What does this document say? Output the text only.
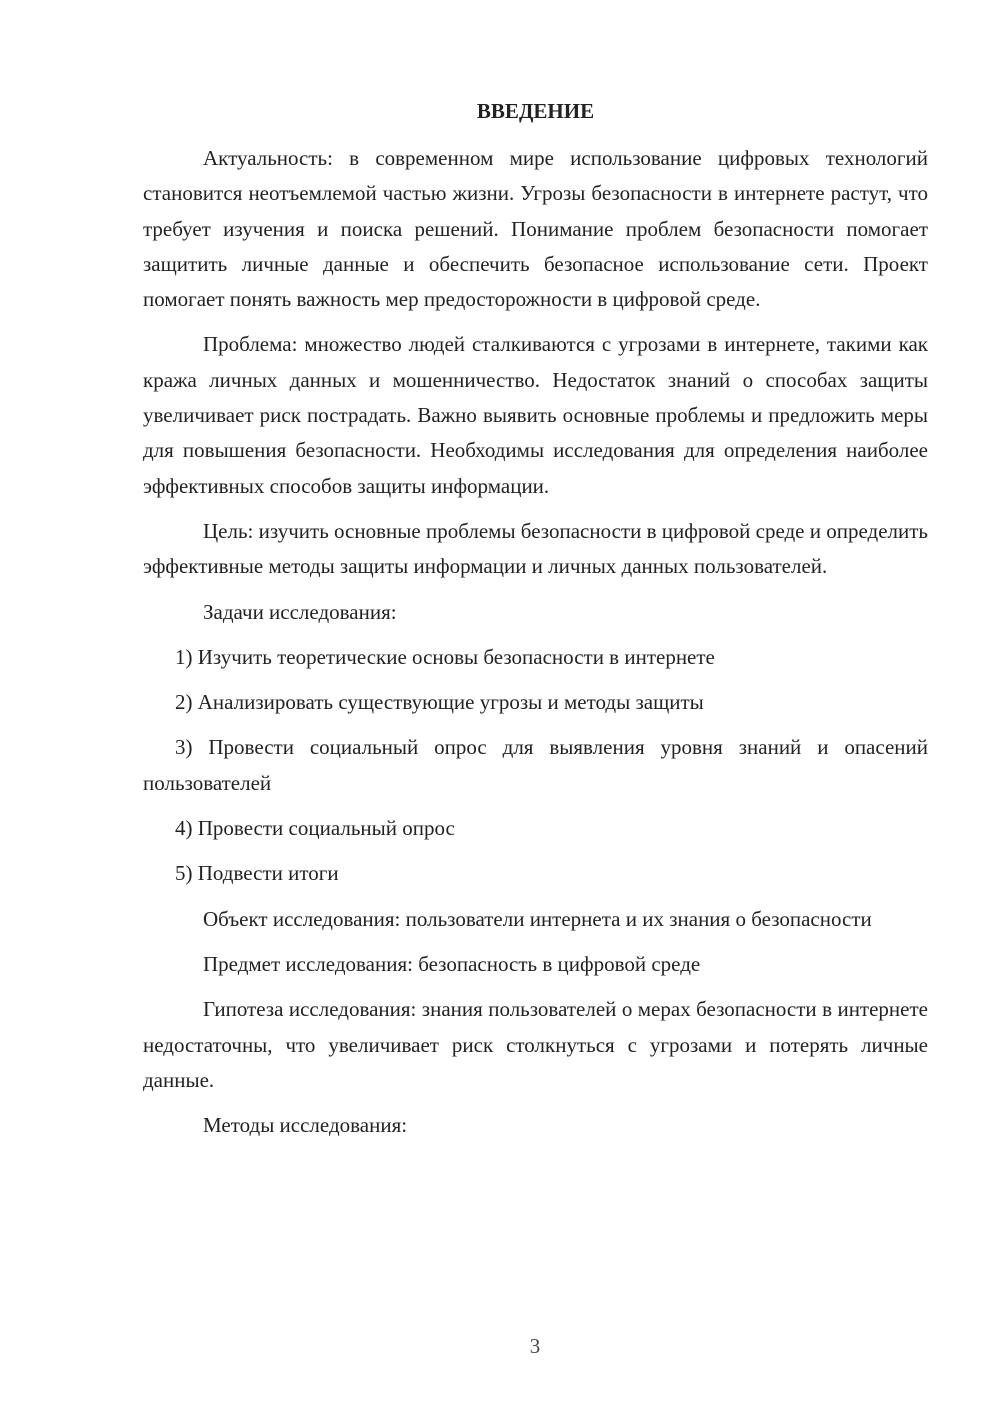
ВВЕДЕНИЕ

Актуальность: в современном мире использование цифровых технологий становится неотъемлемой частью жизни. Угрозы безопасности в интернете растут, что требует изучения и поиска решений. Понимание проблем безопасности помогает защитить личные данные и обеспечить безопасное использование сети. Проект помогает понять важность мер предосторожности в цифровой среде.

Проблема: множество людей сталкиваются с угрозами в интернете, такими как кража личных данных и мошенничество. Недостаток знаний о способах защиты увеличивает риск пострадать. Важно выявить основные проблемы и предложить меры для повышения безопасности. Необходимы исследования для определения наиболее эффективных способов защиты информации.

Цель: изучить основные проблемы безопасности в цифровой среде и определить эффективные методы защиты информации и личных данных пользователей.

Задачи исследования:

1) Изучить теоретические основы безопасности в интернете

2) Анализировать существующие угрозы и методы защиты

3) Провести социальный опрос для выявления уровня знаний и опасений пользователей

4) Провести социальный опрос

5) Подвести итоги

Объект исследования: пользователи интернета и их знания о безопасности

Предмет исследования: безопасность в цифровой среде

Гипотеза исследования: знания пользователей о мерах безопасности в интернете недостаточны, что увеличивает риск столкнуться с угрозами и потерять личные данные.

Методы исследования:

3
